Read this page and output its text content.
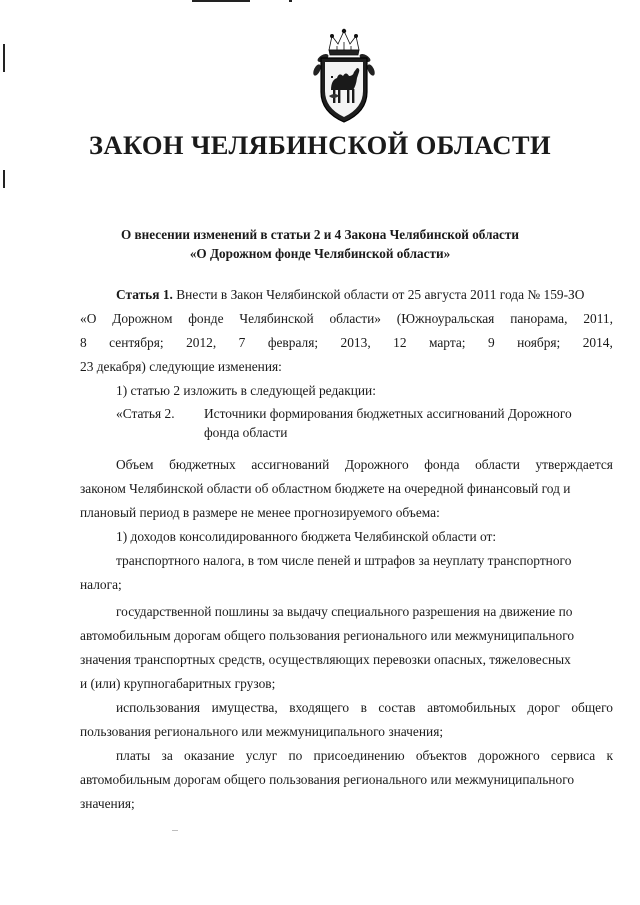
ЗАКОН ЧЕЛЯБИНСКОЙ ОБЛАСТИ
О внесении изменений в статьи 2 и 4 Закона Челябинской области
«О Дорожном фонде Челябинской области»
Статья 1. Внести в Закон Челябинской области от 25 августа 2011 года № 159-ЗО
«О Дорожном фонде Челябинской области» (Южноуральская панорама, 2011,
8 сентября; 2012, 7 февраля; 2013, 12 марта; 9 ноября; 2014,
23 декабря) следующие изменения:
1) статью 2 изложить в следующей редакции:
«Статья 2. Источники формирования бюджетных ассигнований Дорожного
фонда области
Объем бюджетных ассигнований Дорожного фонда области утверждается
законом Челябинской области об областном бюджете на очередной финансовый год и
плановый период в размере не менее прогнозируемого объема:
1) доходов консолидированного бюджета Челябинской области от:
транспортного налога, в том числе пеней и штрафов за неуплату транспортного
налога;
государственной пошлины за выдачу специального разрешения на движение по
автомобильным дорогам общего пользования регионального или межмуниципального
значения транспортных средств, осуществляющих перевозки опасных, тяжеловесных
и (или) крупногабаритных грузов;
использования имущества, входящего в состав автомобильных дорог общего
пользования регионального или межмуниципального значения;
платы за оказание услуг по присоединению объектов дорожного сервиса к
автомобильным дорогам общего пользования регионального или межмуниципального
значения;
...
